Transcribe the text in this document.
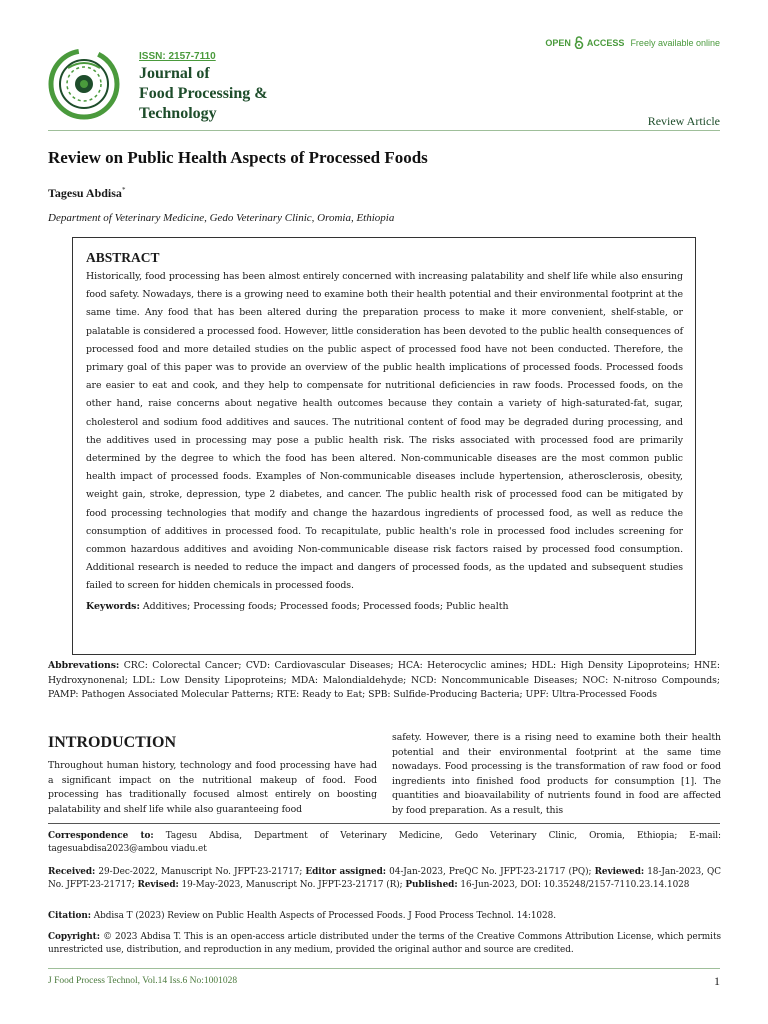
ISSN: 2157-7110
Journal of
Food Processing &
Technology
OPEN ACCESS Freely available online
Review Article
Review on Public Health Aspects of Processed Foods
Tagesu Abdisa*
Department of Veterinary Medicine, Gedo Veterinary Clinic, Oromia, Ethiopia
ABSTRACT
Historically, food processing has been almost entirely concerned with increasing palatability and shelf life while also ensuring food safety. Nowadays, there is a growing need to examine both their health potential and their environmental footprint at the same time. Any food that has been altered during the preparation process to make it more convenient, shelf-stable, or palatable is considered a processed food. However, little consideration has been devoted to the public health consequences of processed food and more detailed studies on the public aspect of processed food have not been conducted. Therefore, the primary goal of this paper was to provide an overview of the public health implications of processed foods. Processed foods are easier to eat and cook, and they help to compensate for nutritional deficiencies in raw foods. Processed foods, on the other hand, raise concerns about negative health outcomes because they contain a variety of high-saturated-fat, sugar, cholesterol and sodium food additives and sauces. The nutritional content of food may be degraded during processing, and the additives used in processing may pose a public health risk. The risks associated with processed food are primarily determined by the degree to which the food has been altered. Non-communicable diseases are the most common public health impact of processed foods. Examples of Non-communicable diseases include hypertension, atherosclerosis, obesity, weight gain, stroke, depression, type 2 diabetes, and cancer. The public health risk of processed food can be mitigated by food processing technologies that modify and change the hazardous ingredients of processed food, as well as reduce the consumption of additives in processed food. To recapitulate, public health's role in processed food includes screening for common hazardous additives and avoiding Non-communicable disease risk factors raised by processed food consumption. Additional research is needed to reduce the impact and dangers of processed foods, as the updated and subsequent studies failed to screen for hidden chemicals in processed foods.
Keywords: Additives; Processing foods; Processed foods; Processed foods; Public health
Abbrevations: CRC: Colorectal Cancer; CVD: Cardiovascular Diseases; HCA: Heterocyclic amines; HDL: High Density Lipoproteins; HNE: Hydroxynonenal; LDL: Low Density Lipoproteins; MDA: Malondialdehyde; NCD: Noncommunicable Diseases; NOC: N-nitroso Compounds; PAMP: Pathogen Associated Molecular Patterns; RTE: Ready to Eat; SPB: Sulfide-Producing Bacteria; UPF: Ultra-Processed Foods
INTRODUCTION
Throughout human history, technology and food processing have had a significant impact on the nutritional makeup of food. Food processing has traditionally focused almost entirely on boosting palatability and shelf life while also guaranteeing food
safety. However, there is a rising need to examine both their health potential and their environmental footprint at the same time nowadays. Food processing is the transformation of raw food or food ingredients into finished food products for consumption [1]. The quantities and bioavailability of nutrients found in food are affected by food preparation. As a result, this
Correspondence to: Tagesu Abdisa, Department of Veterinary Medicine, Gedo Veterinary Clinic, Oromia, Ethiopia; E-mail: tagesuabdisa2023@ambou viadu.et
Received: 29-Dec-2022, Manuscript No. JFPT-23-21717; Editor assigned: 04-Jan-2023, PreQC No. JFPT-23-21717 (PQ); Reviewed: 18-Jan-2023, QC No. JFPT-23-21717; Revised: 19-May-2023, Manuscript No. JFPT-23-21717 (R); Published: 16-Jun-2023, DOI: 10.35248/2157-7110.23.14.1028
Citation: Abdisa T (2023) Review on Public Health Aspects of Processed Foods. J Food Process Technol. 14:1028.
Copyright: © 2023 Abdisa T. This is an open-access article distributed under the terms of the Creative Commons Attribution License, which permits unrestricted use, distribution, and reproduction in any medium, provided the original author and source are credited.
J Food Process Technol, Vol.14 Iss.6 No:1001028	1
